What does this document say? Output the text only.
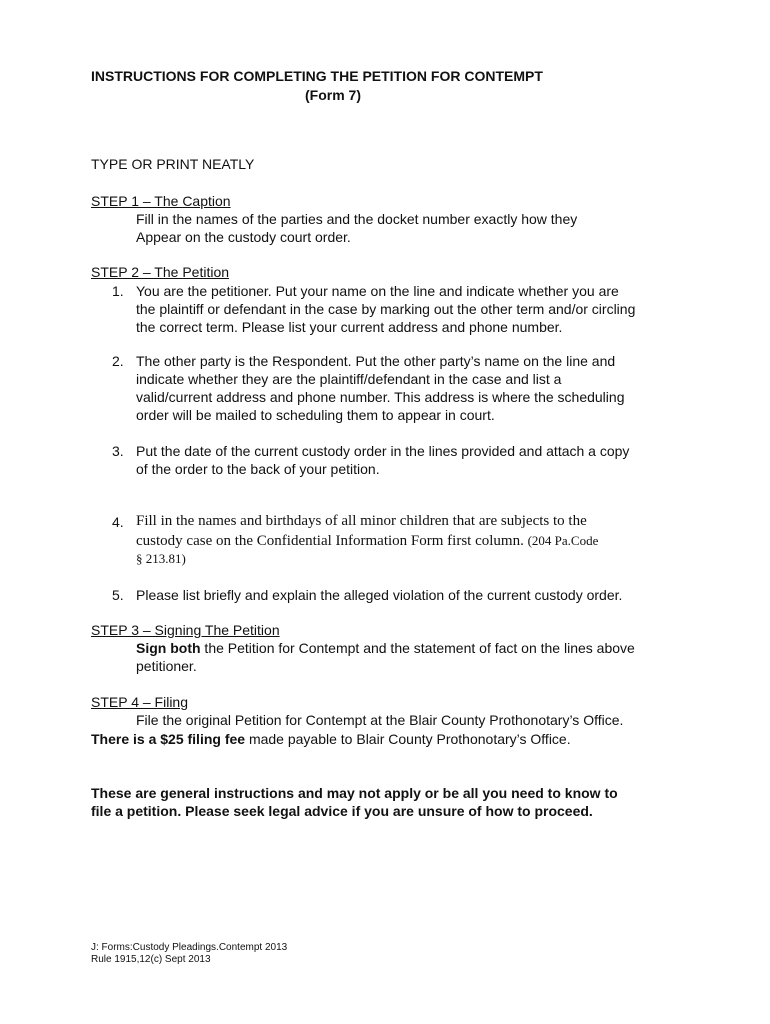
INSTRUCTIONS FOR COMPLETING THE PETITION FOR CONTEMPT
(Form 7)
TYPE OR PRINT NEATLY
STEP 1 – The Caption
Fill in the names of the parties and the docket number exactly how they
Appear on the custody court order.
STEP 2 – The Petition
1. You are the petitioner. Put your name on the line and indicate whether you are
the plaintiff or defendant in the case by marking out the other term and/or circling
the correct term. Please list your current address and phone number.
2. The other party is the Respondent. Put the other party’s name on the line and
indicate whether they are the plaintiff/defendant in the case and list a
valid/current address and phone number. This address is where the scheduling
order will be mailed to scheduling them to appear in court.
3. Put the date of the current custody order in the lines provided and attach a copy
of the order to the back of your petition.
4. Fill in the names and birthdays of all minor children that are subjects to the
custody case on the Confidential Information Form first column. (204 Pa.Code
§ 213.81)
5. Please list briefly and explain the alleged violation of the current custody order.
STEP 3 – Signing The Petition
Sign both the Petition for Contempt and the statement of fact on the lines above
petitioner.
STEP 4 – Filing
File the original Petition for Contempt at the Blair County Prothonotary’s Office.
There is a $25 filing fee made payable to Blair County Prothonotary’s Office.
These are general instructions and may not apply or be all you need to know to
file a petition. Please seek legal advice if you are unsure of how to proceed.
J: Forms:Custody Pleadings.Contempt 2013
Rule 1915,12(c) Sept 2013
